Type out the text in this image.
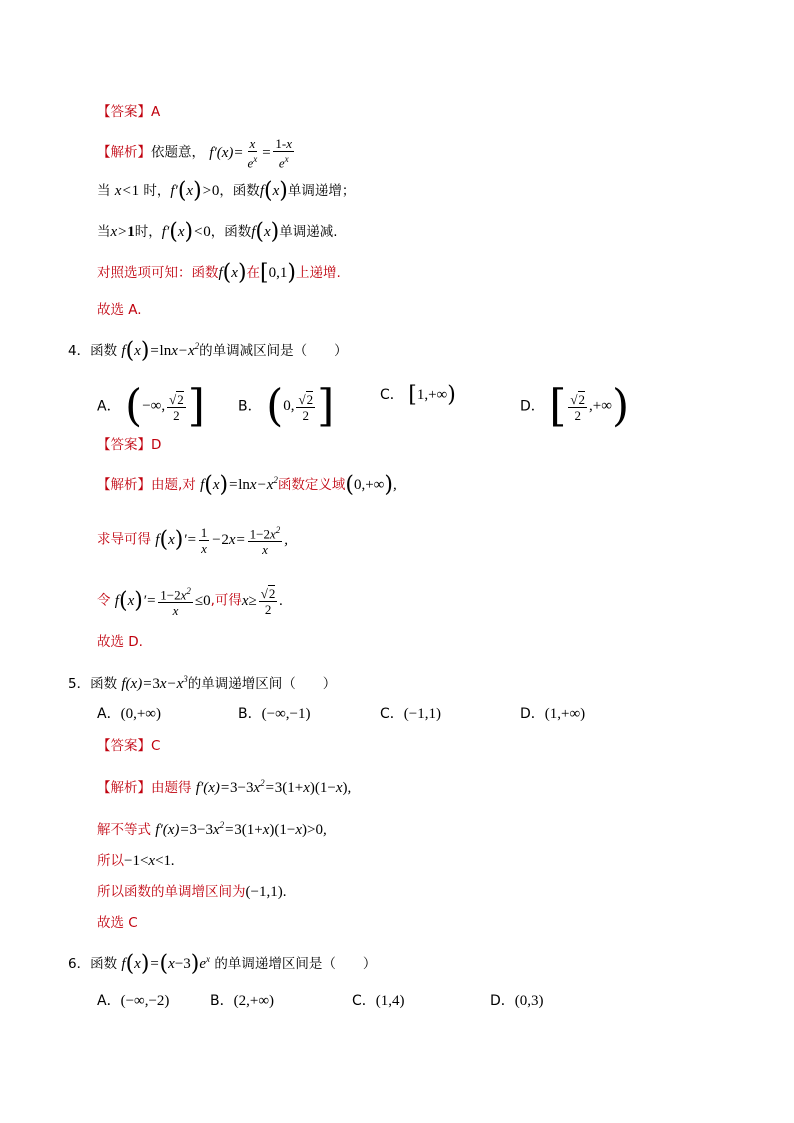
【答案】A
【解析】依题意， $f'(x)= \frac{x}{e^x} = \frac{1-x}{e^x}$
当 x<1 时，f′(x)>0，函数f(x)单调递增；
当x>1时，f′(x)<0，函数f(x)单调递减.
对照选项可知：函数f(x)在[0,1)上递增.
故选 A.
4．函数 $f(x)=\ln x-x^2$的单调减区间是（　　）
A． (−∞, $\frac{√2}{2}$ ] B． (0, $\frac{√2}{2}$ ]	C． [1,+∞)	D． [ $\frac{√2}{2}$ ,+∞)
【答案】D
【解析】由题,对 $f(x)=\ln x-x^2$函数定义域(0,+∞),
求导可得 $f(x)'= \frac{1}{x} -2x= \frac{1-2x^2}{x}$ ,
令 $f(x)'= \frac{1-2x^2}{x} \le 0$,可得$x\ge \frac{√2}{2}$ .
故选 D.
5．函数 $f(x)=3x-x^3$的单调递增区间（　　）
A．(0,+∞)	B．(−∞,−1)	C．(−1,1)	D．(1,+∞)
【答案】C
【解析】由题得 $f'(x)=3-3x^2=3(1+x)(1-x)$,
解不等式 $f'(x)=3-3x^2=3(1+x)(1-x)>0$,
所以−1<x<1.
所以函数的单调增区间为(−1,1).
故选 C
6．函数 $f(x)=(x-3)e^x$ 的单调递增区间是（　　）
A．(−∞,−2)	B．(2,+∞)	C．(1,4)	D．(0,3)
